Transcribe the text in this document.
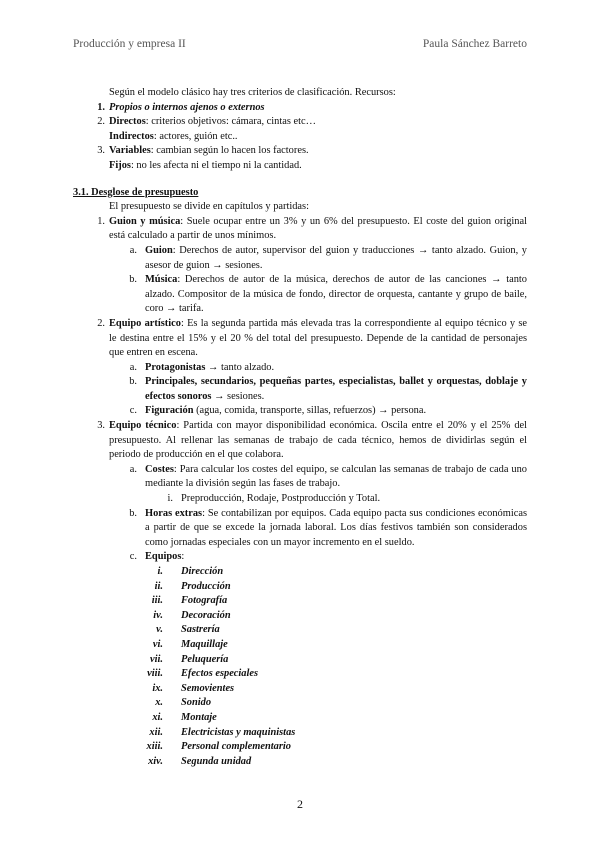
Producción y empresa II	Paula Sánchez Barreto
Según el modelo clásico hay tres criterios de clasificación. Recursos:
1. Propios o internos ajenos o externos
2. Directos: criterios objetivos: cámara, cintas etc…
Indirectos: actores, guión etc..
3. Variables: cambian según lo hacen los factores.
Fijos: no les afecta ni el tiempo ni la cantidad.
3.1. Desglose de presupuesto
El presupuesto se divide en capítulos y partidas:
1. Guion y música: Suele ocupar entre un 3% y un 6% del presupuesto. El coste del guion original está calculado a partir de unos mínimos.
a. Guion: Derechos de autor, supervisor del guion y traducciones → tanto alzado. Guion, y asesor de guion → sesiones.
b. Música: Derechos de autor de la música, derechos de autor de las canciones → tanto alzado. Compositor de la música de fondo, director de orquesta, cantante y grupo de baile, coro → tarifa.
2. Equipo artístico: Es la segunda partida más elevada tras la correspondiente al equipo técnico y se le destina entre el 15% y el 20 % del total del presupuesto. Depende de la cantidad de personajes que entren en escena.
a. Protagonistas → tanto alzado.
b. Principales, secundarios, pequeñas partes, especialistas, ballet y orquestas, doblaje y efectos sonoros → sesiones.
c. Figuración (agua, comida, transporte, sillas, refuerzos) → persona.
3. Equipo técnico: Partida con mayor disponibilidad económica. Oscila entre el 20% y el 25% del presupuesto. Al rellenar las semanas de trabajo de cada técnico, hemos de dividirlas según el periodo de producción en el que colabora.
a. Costes: Para calcular los costes del equipo, se calculan las semanas de trabajo de cada uno mediante la división según las fases de trabajo.
i. Preproducción, Rodaje, Postproducción y Total.
b. Horas extras: Se contabilizan por equipos. Cada equipo pacta sus condiciones económicas a partir de que se excede la jornada laboral. Los días festivos también son considerados como jornadas especiales con un mayor incremento en el sueldo.
c. Equipos:
i. Dirección
ii. Producción
iii. Fotografía
iv. Decoración
v. Sastrería
vi. Maquillaje
vii. Peluquería
viii. Efectos especiales
ix. Semovientes
x. Sonido
xi. Montaje
xii. Electricistas y maquinistas
xiii. Personal complementario
xiv. Segunda unidad
2
